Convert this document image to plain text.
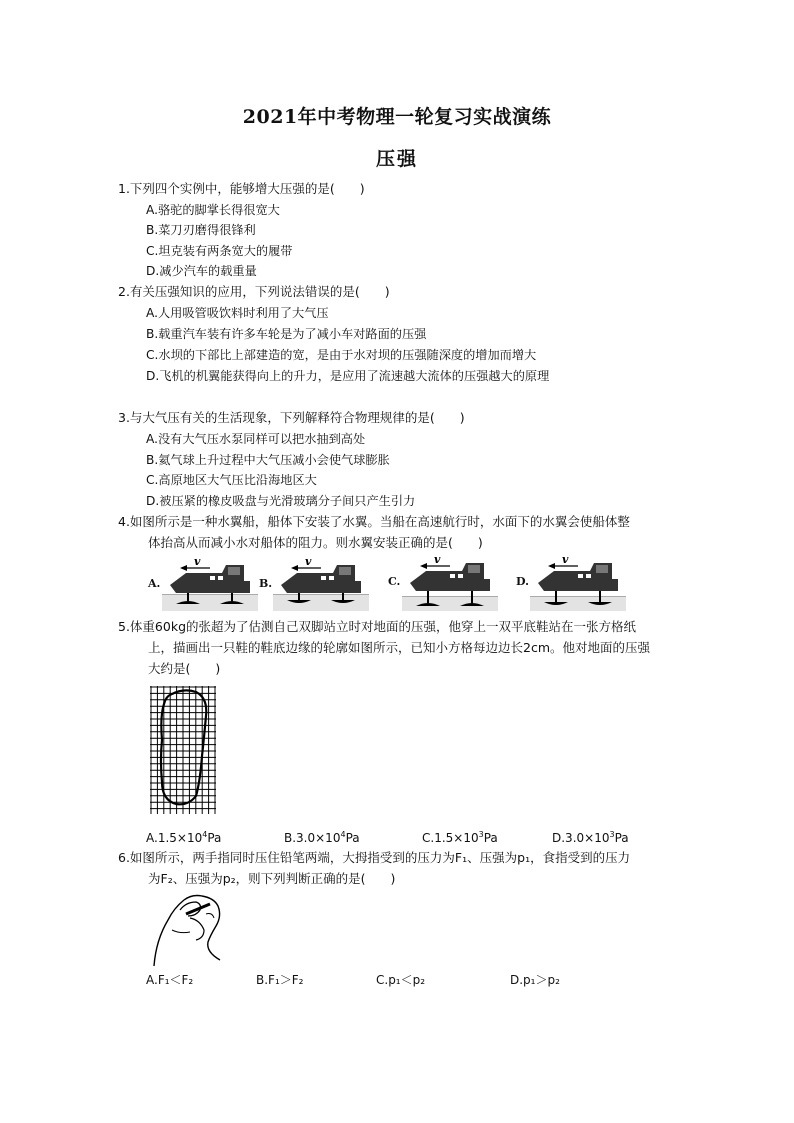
2021年中考物理一轮复习实战演练
压强
1.下列四个实例中，能够增大压强的是(　　)
A.骆驼的脚掌长得很宽大
B.菜刀刃磨得很锋利
C.坦克装有两条宽大的履带
D.减少汽车的载重量
2.有关压强知识的应用，下列说法错误的是(　　)
A.人用吸管吸饮料时利用了大气压
B.载重汽车装有许多车轮是为了减小车对路面的压强
C.水坝的下部比上部建造的宽，是由于水对坝的压强随深度的增加而增大
D.飞机的机翼能获得向上的升力，是应用了流速越大流体的压强越大的原理
3.与大气压有关的生活现象，下列解释符合物理规律的是(　　)
A.没有大气压水泵同样可以把水抽到高处
B.氦气球上升过程中大气压减小会使气球膨胀
C.高原地区大气压比沿海地区大
D.被压紧的橡皮吸盘与光滑玻璃分子间只产生引力
4.如图所示是一种水翼船，船体下安装了水翼。当船在高速航行时，水面下的水翼会使船体整
体抬高从而减小水对船体的阻力。则水翼安装正确的是(　　)
A.
v
B.
v
C.
v
D.
v
5.体重60kg的张超为了估测自己双脚站立时对地面的压强，他穿上一双平底鞋站在一张方格纸
上，描画出一只鞋的鞋底边缘的轮廓如图所示，已知小方格每边边长2cm。他对地面的压强
大约是(　　)
$A.1.5\times 10^4Pa$	$B.3.0\times 10^4Pa$	$C.1.5\times 10^3Pa$	$D.3.0\times 10^3Pa$
6.如图所示，两手指同时压住铅笔两端，大拇指受到的压力为F₁、压强为p₁，食指受到的压力
为F₂、压强为p₂，则下列判断正确的是(　　)
A.F₁＜F₂	B.F₁＞F₂	C.p₁＜p₂	D.p₁＞p₂
